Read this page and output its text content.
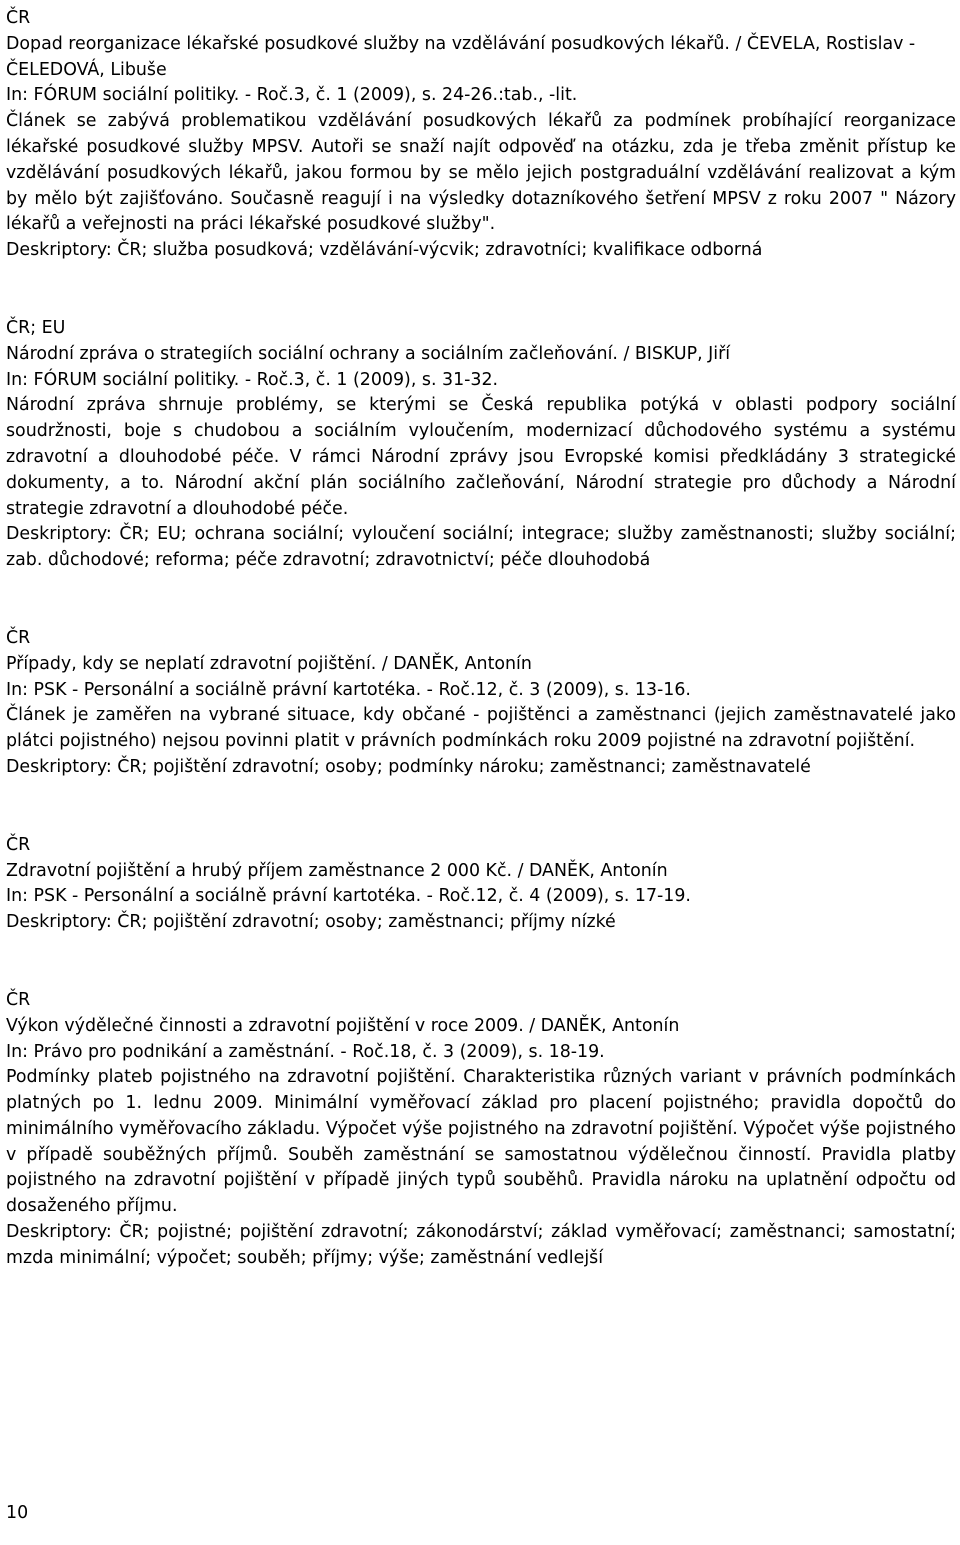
ČR

Dopad reorganizace lékařské posudkové služby na vzdělávání posudkových lékařů. / ČEVELA, Rostislav - ČELEDOVÁ, Libuše

In: FÓRUM sociální politiky. - Roč.3, č. 1 (2009), s. 24-26.:tab., -lit.

Článek se zabývá problematikou vzdělávání posudkových lékařů za podmínek probíhající reorganizace lékařské posudkové služby MPSV. Autoři se snaží najít odpověď na otázku, zda je třeba změnit přístup ke vzdělávání posudkových lékařů, jakou formou by se mělo jejich postgraduální vzdělávání realizovat a kým by mělo být zajišťováno. Současně reagují i na výsledky dotazníkového šetření MPSV z roku 2007 " Názory lékařů a veřejnosti na práci lékařské posudkové služby".

Deskriptory: ČR; služba posudková; vzdělávání-výcvik; zdravotníci; kvalifikace odborná

ČR; EU

Národní zpráva o strategiích sociální ochrany a sociálním začleňování. / BISKUP, Jiří

In: FÓRUM sociální politiky. - Roč.3, č. 1 (2009), s. 31-32.

Národní zpráva shrnuje problémy, se kterými se Česká republika potýká v oblasti podpory sociální soudržnosti, boje s chudobou a sociálním vyloučením, modernizací důchodového systému a systému zdravotní a dlouhodobé péče. V rámci Národní zprávy jsou Evropské komisi předkládány 3 strategické dokumenty, a to. Národní akční plán sociálního začleňování, Národní strategie pro důchody a Národní strategie zdravotní a dlouhodobé péče.

Deskriptory: ČR; EU; ochrana sociální; vyloučení sociální; integrace; služby zaměstnanosti; služby sociální; zab. důchodové; reforma; péče zdravotní; zdravotnictví; péče dlouhodobá

ČR

Případy, kdy se neplatí zdravotní pojištění. / DANĚK, Antonín

In: PSK - Personální a sociálně právní kartotéka. - Roč.12, č. 3 (2009), s. 13-16.

Článek je zaměřen na vybrané situace, kdy občané - pojištěnci a zaměstnanci (jejich zaměstnavatelé jako plátci pojistného) nejsou povinni platit v právních podmínkách roku 2009 pojistné na zdravotní pojištění.

Deskriptory: ČR; pojištění zdravotní; osoby; podmínky nároku; zaměstnanci; zaměstnavatelé

ČR

Zdravotní pojištění a hrubý příjem zaměstnance 2 000 Kč. / DANĚK, Antonín

In: PSK - Personální a sociálně právní kartotéka. - Roč.12, č. 4 (2009), s. 17-19.

Deskriptory: ČR; pojištění zdravotní; osoby; zaměstnanci; příjmy nízké

ČR

Výkon výdělečné činnosti a zdravotní pojištění v roce 2009. / DANĚK, Antonín

In: Právo pro podnikání a zaměstnání. - Roč.18, č. 3 (2009), s. 18-19.

Podmínky plateb pojistného na zdravotní pojištění. Charakteristika různých variant v právních podmínkách platných po 1. lednu 2009. Minimální vyměřovací základ pro placení pojistného; pravidla dopočtů do minimálního vyměřovacího základu. Výpočet výše pojistného na zdravotní pojištění. Výpočet výše pojistného v případě souběžných příjmů. Souběh zaměstnání se samostatnou výdělečnou činností. Pravidla platby pojistného na zdravotní pojištění v případě jiných typů souběhů. Pravidla nároku na uplatnění odpočtu od dosaženého příjmu.

Deskriptory: ČR; pojistné; pojištění zdravotní; zákonodárství; základ vyměřovací; zaměstnanci; samostatní; mzda minimální; výpočet; souběh; příjmy; výše; zaměstnání vedlejší

10
